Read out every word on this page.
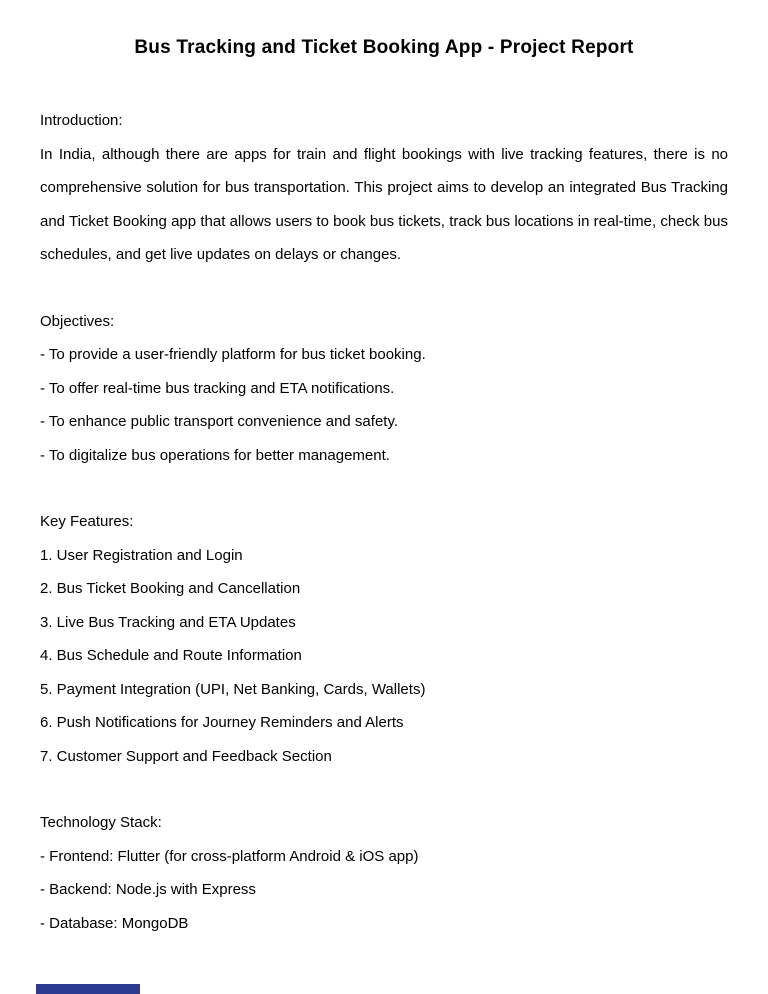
Bus Tracking and Ticket Booking App - Project Report

Introduction:

In India, although there are apps for train and flight bookings with live tracking features, there is no comprehensive solution for bus transportation. This project aims to develop an integrated Bus Tracking and Ticket Booking app that allows users to book bus tickets, track bus locations in real-time, check bus schedules, and get live updates on delays or changes.

Objectives:

- To provide a user-friendly platform for bus ticket booking.

- To offer real-time bus tracking and ETA notifications.

- To enhance public transport convenience and safety.

- To digitalize bus operations for better management.

Key Features:

1. User Registration and Login

2. Bus Ticket Booking and Cancellation

3. Live Bus Tracking and ETA Updates

4. Bus Schedule and Route Information

5. Payment Integration (UPI, Net Banking, Cards, Wallets)

6. Push Notifications for Journey Reminders and Alerts

7. Customer Support and Feedback Section

Technology Stack:

- Frontend: Flutter (for cross-platform Android & iOS app)

- Backend: Node.js with Express

- Database: MongoDB
